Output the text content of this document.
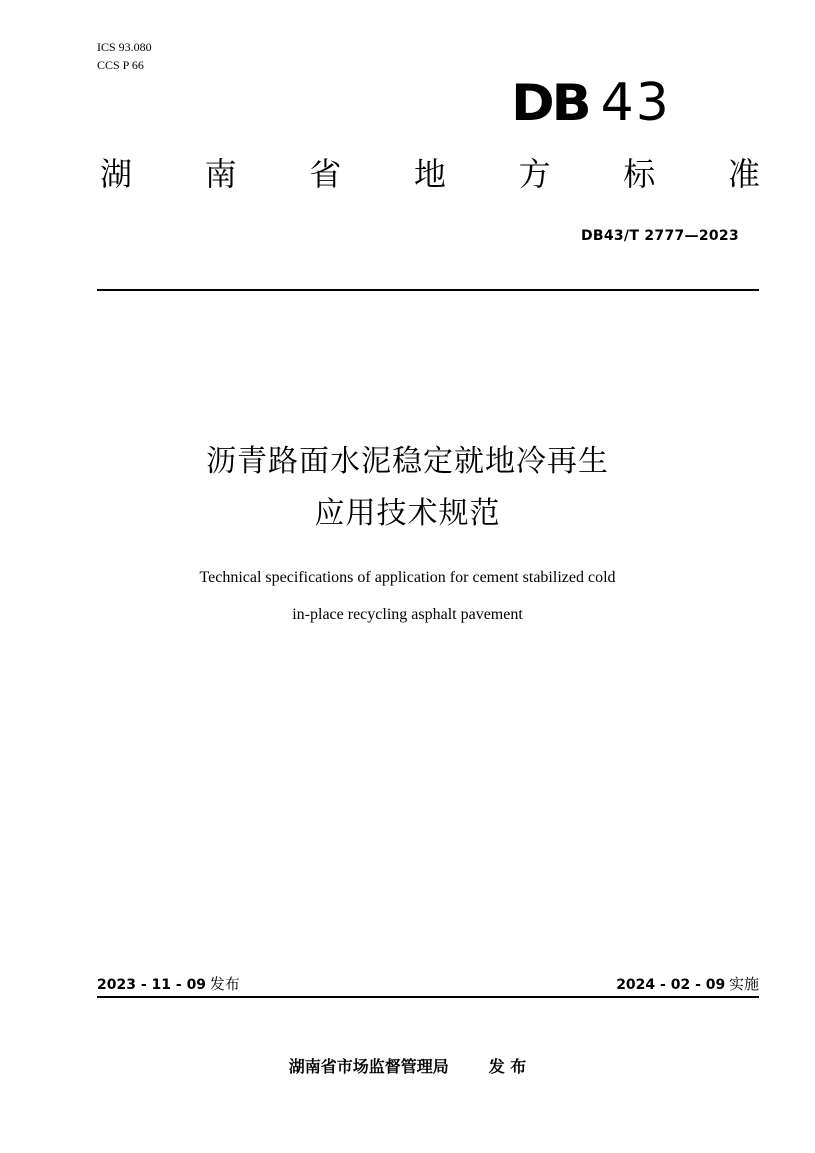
ICS 93.080
CCS P 66
DB 43
湖 南 省 地 方 标 准
DB43/T 2777—2023
沥青路面水泥稳定就地冷再生
应用技术规范
Technical specifications of application for cement stabilized cold
in-place recycling asphalt pavement
2023 - 11 - 09 发布	2024 - 02 - 09 实施
湖南省市场监督管理局	发 布
